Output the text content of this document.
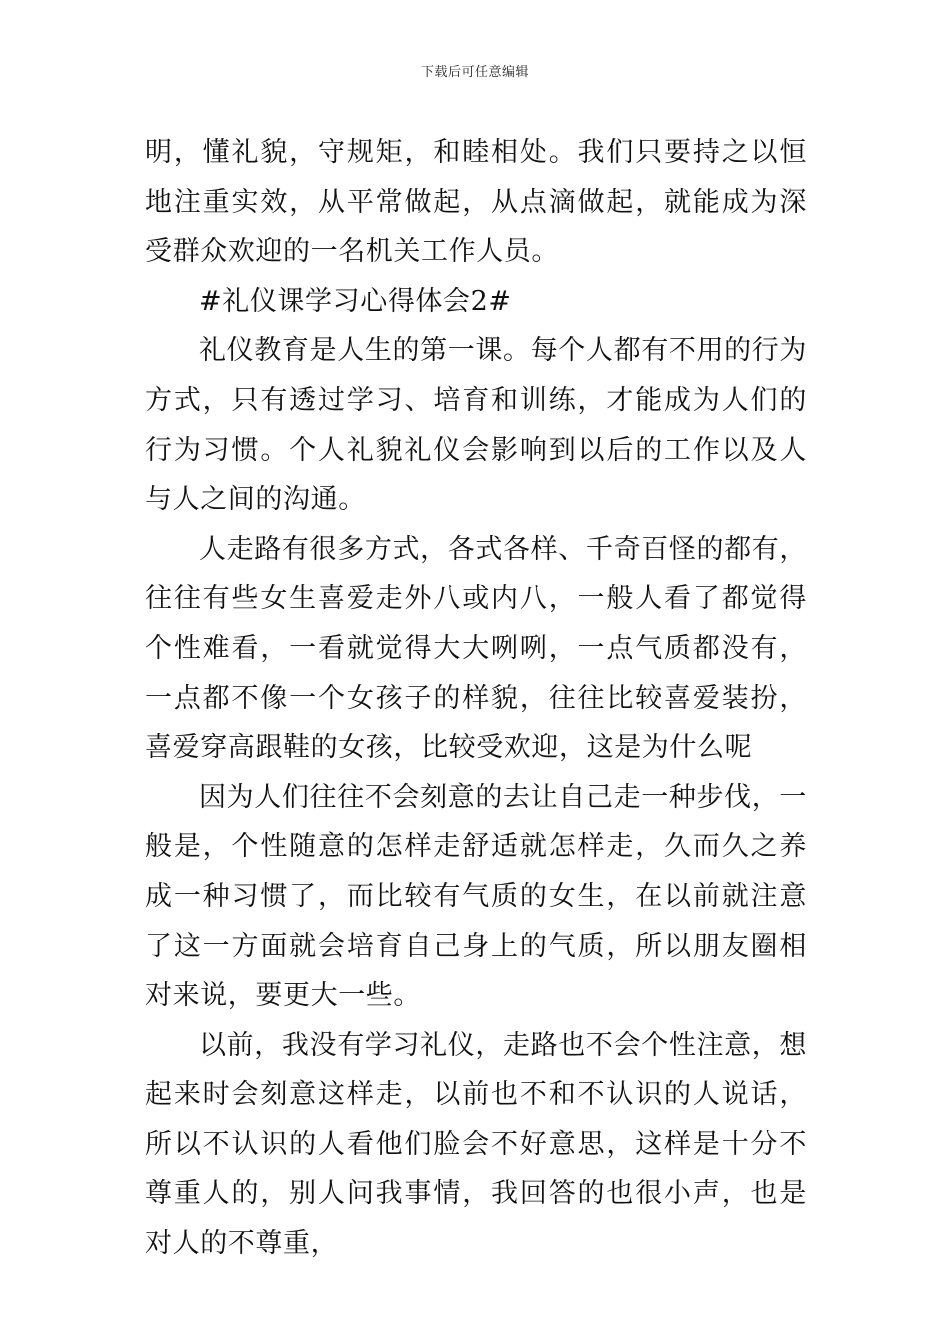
下载后可任意编辑

明，懂礼貌，守规矩，和睦相处。我们只要持之以恒地注重实效，从平常做起，从点滴做起，就能成为深受群众欢迎的一名机关工作人员。

#礼仪课学习心得体会2#

礼仪教育是人生的第一课。每个人都有不用的行为方式，只有透过学习、培育和训练，才能成为人们的行为习惯。个人礼貌礼仪会影响到以后的工作以及人与人之间的沟通。

人走路有很多方式，各式各样、千奇百怪的都有，往往有些女生喜爱走外八或内八，一般人看了都觉得个性难看，一看就觉得大大咧咧，一点气质都没有，一点都不像一个女孩子的样貌，往往比较喜爱装扮，喜爱穿高跟鞋的女孩，比较受欢迎，这是为什么呢

因为人们往往不会刻意的去让自己走一种步伐，一般是，个性随意的怎样走舒适就怎样走，久而久之养成一种习惯了，而比较有气质的女生，在以前就注意了这一方面就会培育自己身上的气质，所以朋友圈相对来说，要更大一些。

以前，我没有学习礼仪，走路也不会个性注意，想起来时会刻意这样走，以前也不和不认识的人说话，所以不认识的人看他们脸会不好意思，这样是十分不尊重人的，别人问我事情，我回答的也很小声，也是对人的不尊重，
